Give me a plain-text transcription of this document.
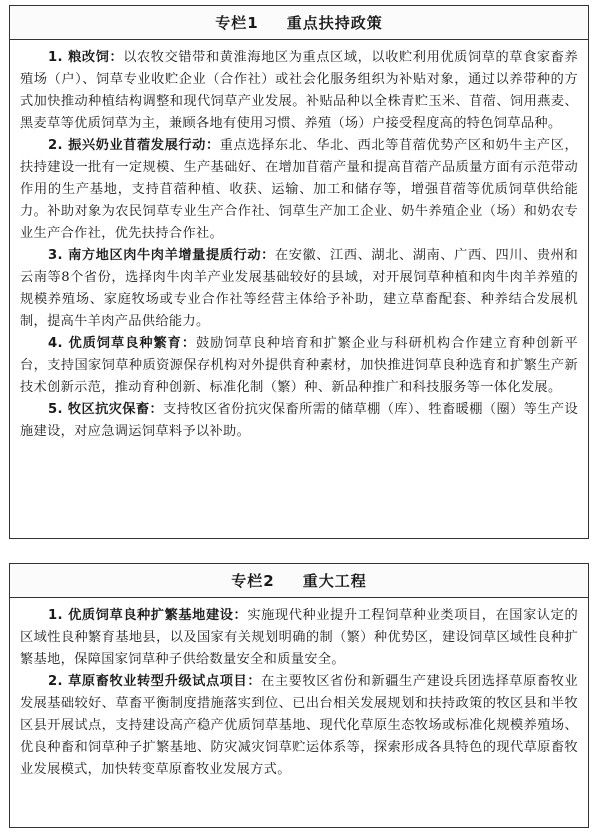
专栏1 重点扶持政策

1. 粮改饲：以农牧交错带和黄淮海地区为重点区域，以收贮利用优质饲草的草食家畜养殖场（户）、饲草专业收贮企业（合作社）或社会化服务组织为补贴对象，通过以养带种的方式加快推动种植结构调整和现代饲草产业发展。补贴品种以全株青贮玉米、苜蓿、饲用燕麦、黑麦草等优质饲草为主，兼顾各地有使用习惯、养殖（场）户接受程度高的特色饲草品种。

2. 振兴奶业苜蓿发展行动：重点选择东北、华北、西北等苜蓿优势产区和奶牛主产区，扶持建设一批有一定规模、生产基础好、在增加苜蓿产量和提高苜蓿产品质量方面有示范带动作用的生产基地，支持苜蓿种植、收获、运输、加工和储存等，增强苜蓿等优质饲草供给能力。补助对象为农民饲草专业生产合作社、饲草生产加工企业、奶牛养殖企业（场）和奶农专业生产合作社，优先扶持合作社。

3. 南方地区肉牛肉羊增量提质行动：在安徽、江西、湖北、湖南、广西、四川、贵州和云南等8个省份，选择肉牛肉羊产业发展基础较好的县域，对开展饲草种植和肉牛肉羊养殖的规模养殖场、家庭牧场或专业合作社等经营主体给予补助，建立草畜配套、种养结合发展机制，提高牛羊肉产品供给能力。

4. 优质饲草良种繁育：鼓励饲草良种培育和扩繁企业与科研机构合作建立育种创新平台，支持国家饲草种质资源保存机构对外提供育种素材，加快推进饲草良种选育和扩繁生产新技术创新示范，推动育种创新、标准化制（繁）种、新品种推广和科技服务等一体化发展。

5. 牧区抗灾保畜：支持牧区省份抗灾保畜所需的储草棚（库）、牲畜暖棚（圈）等生产设施建设，对应急调运饲草料予以补助。

专栏2 重大工程

1. 优质饲草良种扩繁基地建设：实施现代种业提升工程饲草种业类项目，在国家认定的区域性良种繁育基地县，以及国家有关规划明确的制（繁）种优势区，建设饲草区域性良种扩繁基地，保障国家饲草种子供给数量安全和质量安全。

2. 草原畜牧业转型升级试点项目：在主要牧区省份和新疆生产建设兵团选择草原畜牧业发展基础较好、草畜平衡制度措施落实到位、已出台相关发展规划和扶持政策的牧区县和半牧区县开展试点，支持建设高产稳产优质饲草基地、现代化草原生态牧场或标准化规模养殖场、优良种畜和饲草种子扩繁基地、防灾减灾饲草贮运体系等，探索形成各具特色的现代草原畜牧业发展模式，加快转变草原畜牧业发展方式。
